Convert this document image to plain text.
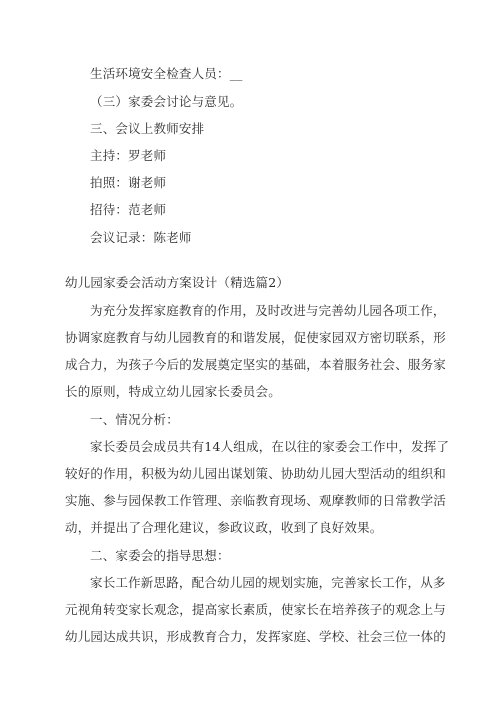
生活环境安全检查人员：__
（三）家委会讨论与意见。
三、会议上教师安排
主持：罗老师
拍照：谢老师
招待：范老师
会议记录：陈老师
幼儿园家委会活动方案设计（精选篇2）
为充分发挥家庭教育的作用，及时改进与完善幼儿园各项工作，
协调家庭教育与幼儿园教育的和谐发展，促使家园双方密切联系，形
成合力，为孩子今后的发展奠定坚实的基础，本着服务社会、服务家
长的原则，特成立幼儿园家长委员会。
一、情况分析：
家长委员会成员共有14人组成，在以往的家委会工作中，发挥了
较好的作用，积极为幼儿园出谋划策、协助幼儿园大型活动的组织和
实施、参与园保教工作管理、亲临教育现场、观摩教师的日常教学活
动，并提出了合理化建议，参政议政，收到了良好效果。
二、家委会的指导思想：
家长工作新思路，配合幼儿园的规划实施，完善家长工作，从多
元视角转变家长观念，提高家长素质，使家长在培养孩子的观念上与
幼儿园达成共识，形成教育合力，发挥家庭、学校、社会三位一体的
